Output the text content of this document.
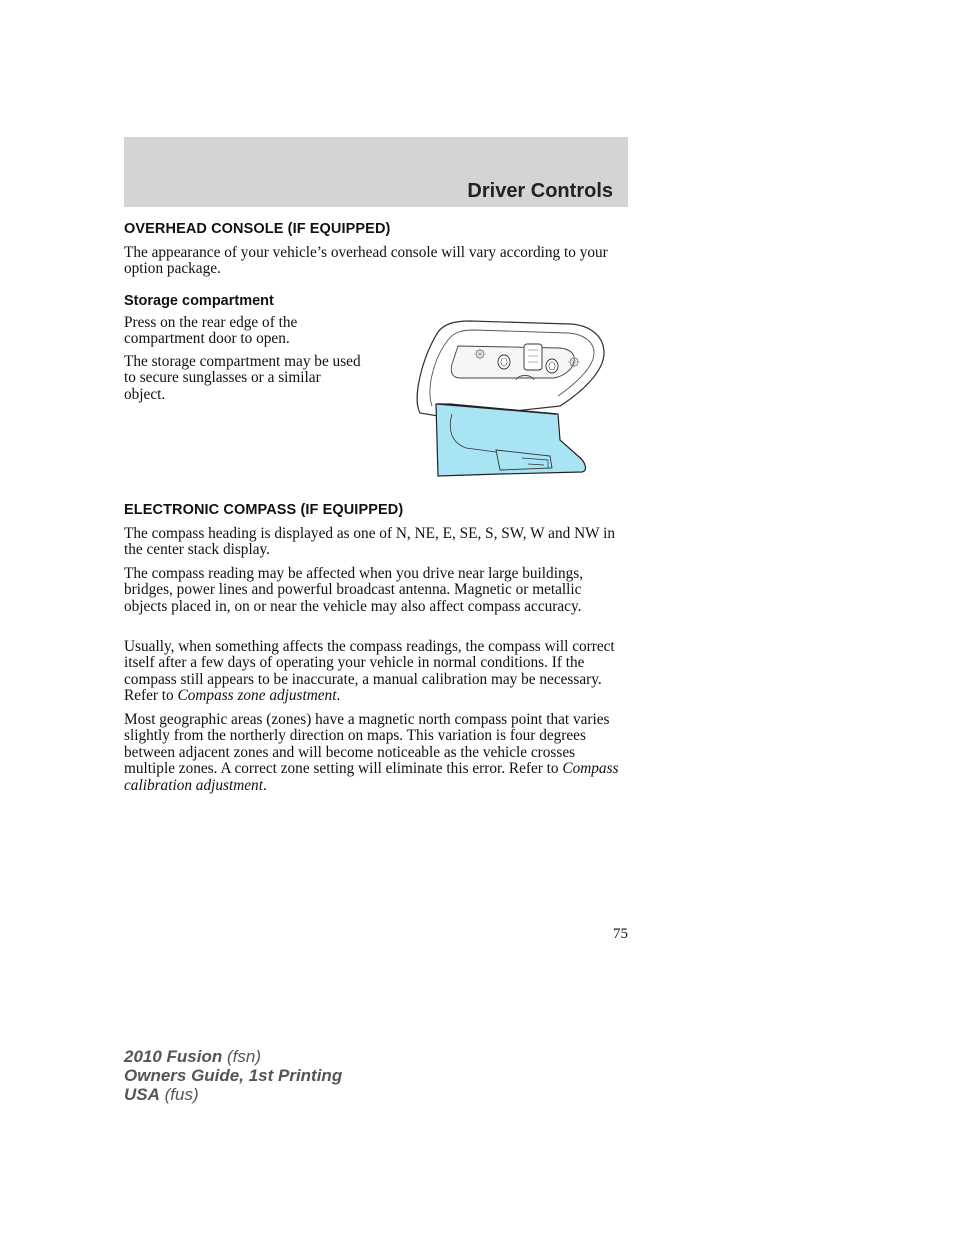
Driver Controls
OVERHEAD CONSOLE (IF EQUIPPED)

The appearance of your vehicle’s overhead console will vary according to your option package.

Storage compartment

Press on the rear edge of the compartment door to open.

The storage compartment may be used to secure sunglasses or a similar object.

ELECTRONIC COMPASS (IF EQUIPPED)

The compass heading is displayed as one of N, NE, E, SE, S, SW, W and NW in the center stack display.

The compass reading may be affected when you drive near large buildings, bridges, power lines and powerful broadcast antenna. Magnetic or metallic objects placed in, on or near the vehicle may also affect compass accuracy.

Usually, when something affects the compass readings, the compass will correct itself after a few days of operating your vehicle in normal conditions. If the compass still appears to be inaccurate, a manual calibration may be necessary. Refer to Compass zone adjustment.

Most geographic areas (zones) have a magnetic north compass point that varies slightly from the northerly direction on maps. This variation is four degrees between adjacent zones and will become noticeable as the vehicle crosses multiple zones. A correct zone setting will eliminate this error. Refer to Compass calibration adjustment.

75
2010 Fusion (fsn)
Owners Guide, 1st Printing
USA (fus)
